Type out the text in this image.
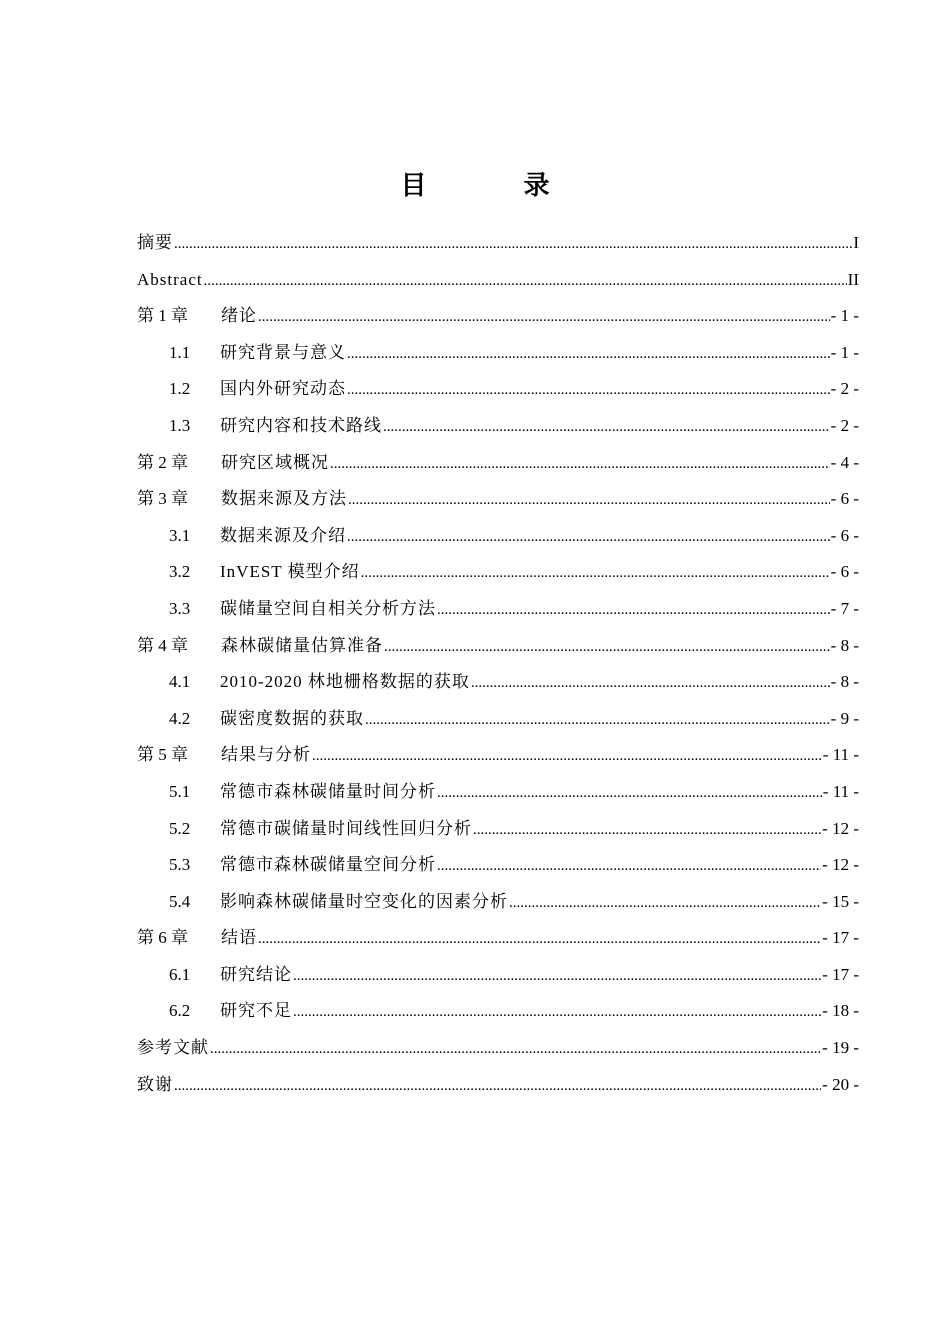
目 录
摘要 .....	I
Abstract .....	II
第 1 章	绪论 .....	- 1 -
1.1	研究背景与意义 .....	- 1 -
1.2	国内外研究动态 .....	- 2 -
1.3	研究内容和技术路线 .....	- 2 -
第 2 章	研究区域概况 .....	- 4 -
第 3 章	数据来源及方法 .....	- 6 -
3.1	数据来源及介绍 .....	- 6 -
3.2	InVEST 模型介绍 .....	- 6 -
3.3	碳储量空间自相关分析方法 .....	- 7 -
第 4 章	森林碳储量估算准备 .....	- 8 -
4.1	2010-2020 林地栅格数据的获取 .....	- 8 -
4.2	碳密度数据的获取 .....	- 9 -
第 5 章	结果与分析 .....	- 11 -
5.1	常德市森林碳储量时间分析 .....	- 11 -
5.2	常德市碳储量时间线性回归分析 .....	- 12 -
5.3	常德市森林碳储量空间分析 .....	- 12 -
5.4	影响森林碳储量时空变化的因素分析 .....	- 15 -
第 6 章	结语 .....	- 17 -
6.1	研究结论 .....	- 17 -
6.2	研究不足 .....	- 18 -
参考文献 .....	- 19 -
致谢 .....	- 20 -
